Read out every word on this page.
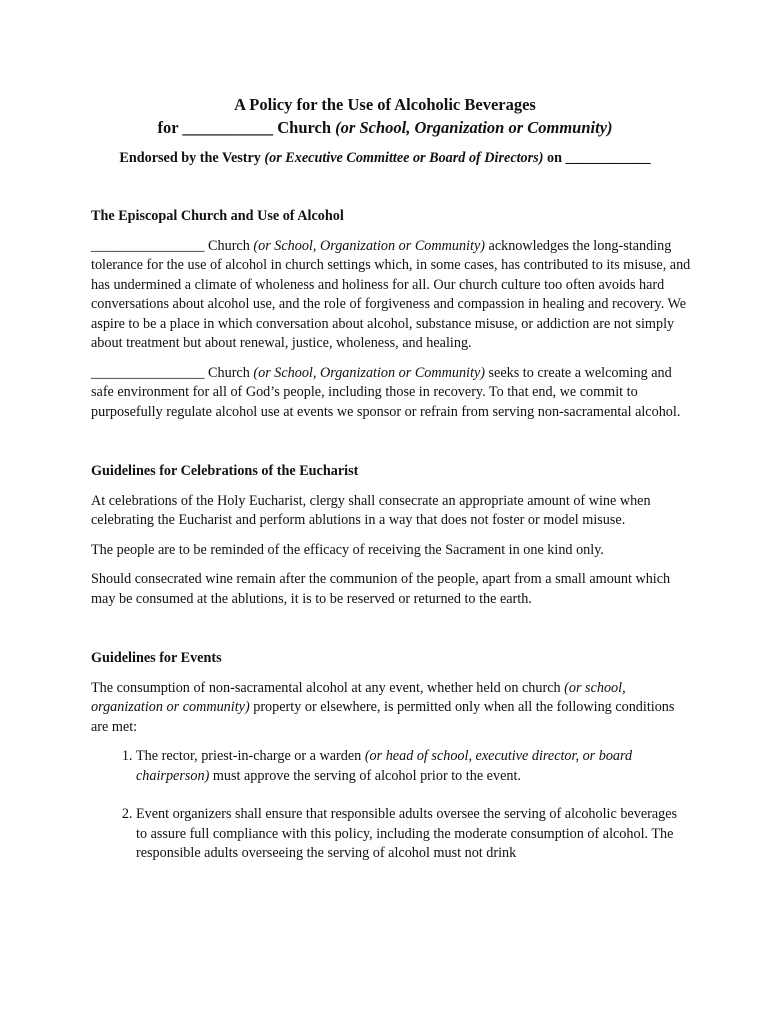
A Policy for the Use of Alcoholic Beverages
for ___________ Church (or School, Organization or Community)
Endorsed by the Vestry (or Executive Committee or Board of Directors) on ____________
The Episcopal Church and Use of Alcohol

________________ Church (or School, Organization or Community) acknowledges the long-standing tolerance for the use of alcohol in church settings which, in some cases, has contributed to its misuse, and has undermined a climate of wholeness and holiness for all. Our church culture too often avoids hard conversations about alcohol use, and the role of forgiveness and compassion in healing and recovery. We aspire to be a place in which conversation about alcohol, substance misuse, or addiction are not simply about treatment but about renewal, justice, wholeness, and healing.

________________ Church (or School, Organization or Community) seeks to create a welcoming and safe environment for all of God’s people, including those in recovery. To that end, we commit to purposefully regulate alcohol use at events we sponsor or refrain from serving non-sacramental alcohol.

Guidelines for Celebrations of the Eucharist

At celebrations of the Holy Eucharist, clergy shall consecrate an appropriate amount of wine when celebrating the Eucharist and perform ablutions in a way that does not foster or model misuse.

The people are to be reminded of the efficacy of receiving the Sacrament in one kind only.

Should consecrated wine remain after the communion of the people, apart from a small amount which may be consumed at the ablutions, it is to be reserved or returned to the earth.

Guidelines for Events

The consumption of non-sacramental alcohol at any event, whether held on church (or school, organization or community) property or elsewhere, is permitted only when all the following conditions are met:

1. The rector, priest-in-charge or a warden (or head of school, executive director, or board chairperson) must approve the serving of alcohol prior to the event.
2. Event organizers shall ensure that responsible adults oversee the serving of alcoholic beverages to assure full compliance with this policy, including the moderate consumption of alcohol. The responsible adults overseeing the serving of alcohol must not drink
